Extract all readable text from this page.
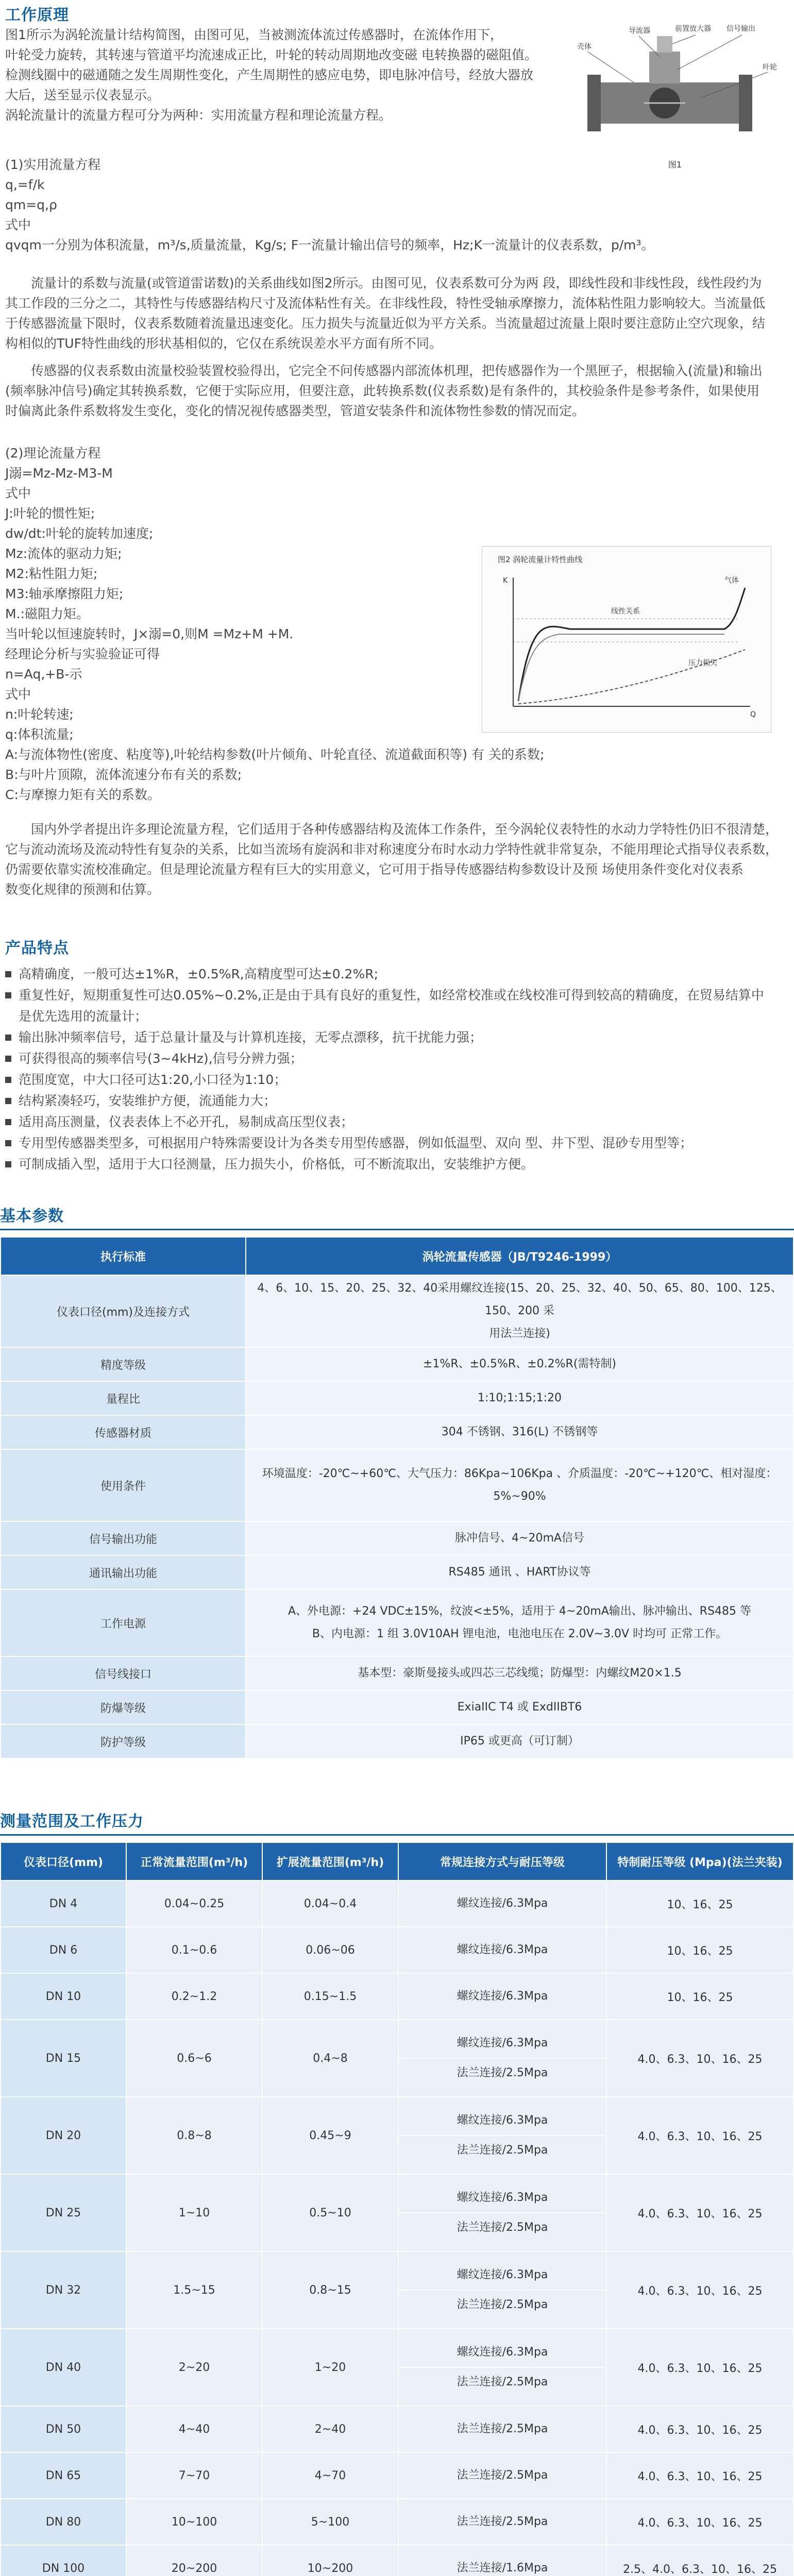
工作原理

图1所示为涡轮流量计结构简图，由图可见，当被测流体流过传感器时，在流体作用下，

叶轮受力旋转，其转速与管道平均流速成正比，叶轮的转动周期地改变磁 电转换器的磁阻值。

检测线圈中的磁通随之发生周期性变化，产生周期性的感应电势，即电脉冲信号，经放大器放

大后，送至显示仪表显示。

涡轮流量计的流量方程可分为两种：实用流量方程和理论流量方程。

导流器	前置放大器 信号输出
壳体
叶轮
图1

(1)实用流量方程

q,=f/k

qm=q,ρ

式中

qvqm一分别为体积流量，m³/s,质量流量，Kg/s; F一流量计输出信号的频率，Hz;K一流量计的仪表系数，p/m³。

流量计的系数与流量(或管道雷诺数)的关系曲线如图2所示。由图可见，仪表系数可分为两 段，即线性段和非线性段，线性段约为

其工作段的三分之二，其特性与传感器结构尺寸及流体粘性有关。在非线性段，特性受轴承摩擦力，流体粘性阻力影响较大。当流量低

于传感器流量下限时，仪表系数随着流量迅速变化。压力损失与流量近似为平方关系。当流量超过流量上限时要注意防止空穴现象，结

构相似的TUF特性曲线的形状基相似的，它仅在系统误差水平方面有所不同。

传感器的仪表系数由流量校验装置校验得出，它完全不问传感器内部流体机理，把传感器作为一个黑匣子，根据输入(流量)和输出

(频率脉冲信号)确定其转换系数，它便于实际应用，但要注意，此转换系数(仪表系数)是有条件的，其校验条件是参考条件，如果使用

时偏离此条件系数将发生变化，变化的情况视传感器类型，管道安装条件和流体物性参数的情况而定。

(2)理论流量方程

J溺=Mz-Mz-M3-M

式中

J:叶轮的惯性矩;

dw/dt:叶轮的旋转加速度;

Mz:流体的驱动力矩;

M2:粘性阻力矩;

M3:轴承摩擦阻力矩;

M.:磁阻力矩。

当叶轮以恒速旋转时，J×溺=0,则M =Mz+M +M.

经理论分析与实验验证可得

n=Aq,+B-示

式中

n:叶轮转速;

q:体积流量;

A:与流体物性(密度、粘度等),叶轮结构参数(叶片倾角、叶轮直径、流道截面积等) 有 关的系数;

B:与叶片顶隙，流体流速分布有关的系数;

C:与摩擦力矩有关的系数。

图2 涡轮流量计特性曲线
气体
K
压力损失
线性关系
Q

国内外学者提出许多理论流量方程，它们适用于各种传感器结构及流体工作条件，至今涡轮仪表特性的水动力学特性仍旧不很清楚，

它与流动流场及流动特性有复杂的关系，比如当流场有旋涡和非对称速度分布时水动力学特性就非常复杂，不能用理论式指导仪表系数，

仍需要依靠实流校准确定。但是理论流量方程有巨大的实用意义，它可用于指导传感器结构参数设计及预 场使用条件变化对仪表系

数变化规律的预测和估算。

产品特点

高精确度，一般可达±1%R，±0.5%R,高精度型可达±0.2%R;

重复性好，短期重复性可达0.05%~0.2%,正是由于具有良好的重复性，如经常校准或在线校准可得到较高的精确度，在贸易结算中

是优先选用的流量计；

输出脉冲频率信号，适于总量计量及与计算机连接，无零点漂移，抗干扰能力强；

可获得很高的频率信号(3~4kHz),信号分辨力强；

范围度宽，中大口径可达1:20,小口径为1:10；

结构紧凑轻巧，安装维护方便，流通能力大；

适用高压测量，仪表表体上不必开孔，易制成高压型仪表；

专用型传感器类型多，可根据用户特殊需要设计为各类专用型传感器，例如低温型、双向 型、井下型、混砂专用型等；

可制成插入型，适用于大口径测量，压力损失小，价格低，可不断流取出，安装维护方便。

基本参数
执行标准	涡轮流量传感器（JB/T9246-1999）
仪表口径(mm)及连接方式	4、6、10、15、20、25、32、40采用螺纹连接(15、20、25、32、40、50、65、80、100、125、150、200 采
用法兰连接)

精度等级	±1%R、±0.5%R、±0.2%R(需特制)

量程比	1:10;1:15;1:20

传感器材质	304 不锈钢、316(L) 不锈钢等

使用条件	环境温度：-20℃~+60℃、大气压力：86Kpa~106Kpa 、介质温度：-20℃~+120℃、相对湿度：5%~90%

信号输出功能	脉冲信号、4~20mA信号

通讯输出功能	RS485 通讯 、HART协议等

工作电源	A、外电源：+24 VDC±15%，纹波<±5%，适用于 4~20mA输出、脉冲输出、RS485 等
B、内电源：1 组 3.0V10AH 锂电池，电池电压在 2.0V~3.0V 时均可 正常工作。

信号线接口	基本型：豪斯曼接头或四芯三芯线缆；防爆型：内螺纹M20×1.5

防爆等级	ExiaIIC T4 或 ExdIIBT6

防护等级	IP65 或更高（可订制）
测量范围及工作压力
仪表口径(mm)	正常流量范围(m³/h)	扩展流量范围(m³/h)	常规连接方式与耐压等级	特制耐压等级 (Mpa)(法兰夹装)
DN 4	0.04~0.25	0.04~0.4	螺纹连接/6.3Mpa	10、16、25
DN 6	0.1~0.6	0.06~06	螺纹连接/6.3Mpa	10、16、25
DN 10	0.2~1.2	0.15~1.5	螺纹连接/6.3Mpa	10、16、25
DN 15	0.6~6	0.4~8	螺纹连接/6.3Mpa
法兰连接/2.5Mpa	4.0、6.3、10、16、25
DN 20	0.8~8	0.45~9	螺纹连接/6.3Mpa
法兰连接/2.5Mpa	4.0、6.3、10、16、25
DN 25	1~10	0.5~10	螺纹连接/6.3Mpa
法兰连接/2.5Mpa	4.0、6.3、10、16、25
DN 32	1.5~15	0.8~15	螺纹连接/6.3Mpa
法兰连接/2.5Mpa	4.0、6.3、10、16、25
DN 40	2~20	1~20	螺纹连接/6.3Mpa
法兰连接/2.5Mpa	4.0、6.3、10、16、25
DN 50	4~40	2~40	法兰连接/2.5Mpa	4.0、6.3、10、16、25
DN 65	7~70	4~70	法兰连接/2.5Mpa	4.0、6.3、10、16、25
DN 80	10~100	5~100	法兰连接/2.5Mpa	4.0、6.3、10、16、25
DN 100	20~200	10~200	法兰连接/1.6Mpa	2.5、4.0、6.3、10、16、25
